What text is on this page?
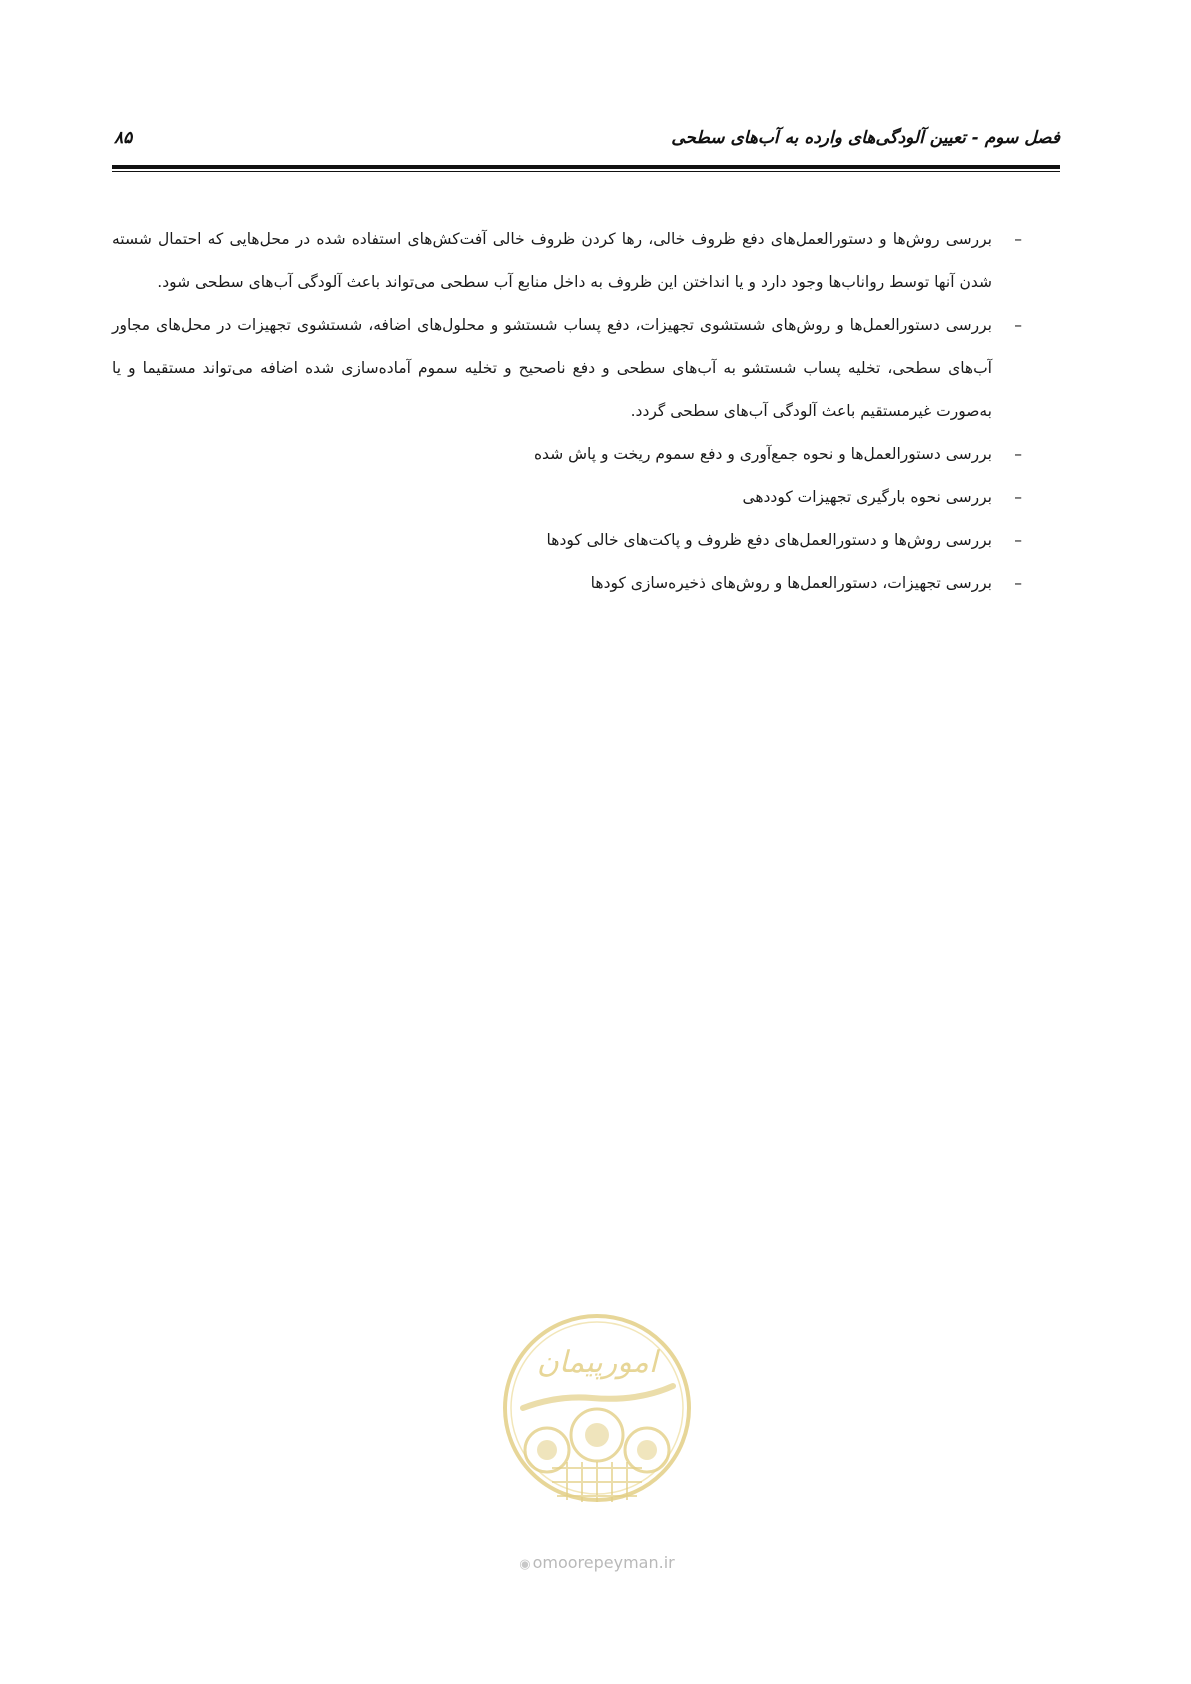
فصل سوم - تعیین آلودگی‌های وارده به آب‌های سطحی
۸۵
–
بررسی روش‌ها و دستورالعمل‌های دفع ظروف خالی، رها کردن ظروف خالی آفت‌کش‌های استفاده شده در محل‌هایی که احتمال شسته شدن آنها توسط رواناب‌ها وجود دارد و یا انداختن این ظروف به داخل منابع آب سطحی می‌تواند باعث آلودگی آب‌های سطحی شود.
–
بررسی دستورالعمل‌ها و روش‌های شستشوی تجهیزات، دفع پساب شستشو و محلول‌های اضافه، شستشوی تجهیزات در محل‌های مجاور آب‌های سطحی، تخلیه پساب شستشو به آب‌های سطحی و دفع ناصحیح و تخلیه سموم آماده‌سازی شده اضافه می‌تواند مستقیما و یا به‌صورت غیرمستقیم باعث آلودگی آب‌های سطحی گردد.
–
بررسی دستورالعمل‌ها و نحوه جمع‌آوری و دفع سموم ریخت و پاش شده
–
بررسی نحوه بارگیری تجهیزات کوددهی
–
بررسی روش‌ها و دستورالعمل‌های دفع ظروف و پاکت‌های خالی کودها
–
بررسی تجهیزات، دستورالعمل‌ها و روش‌های ذخیره‌سازی کودها
امورپیمان
◉ omoorepeyman.ir
